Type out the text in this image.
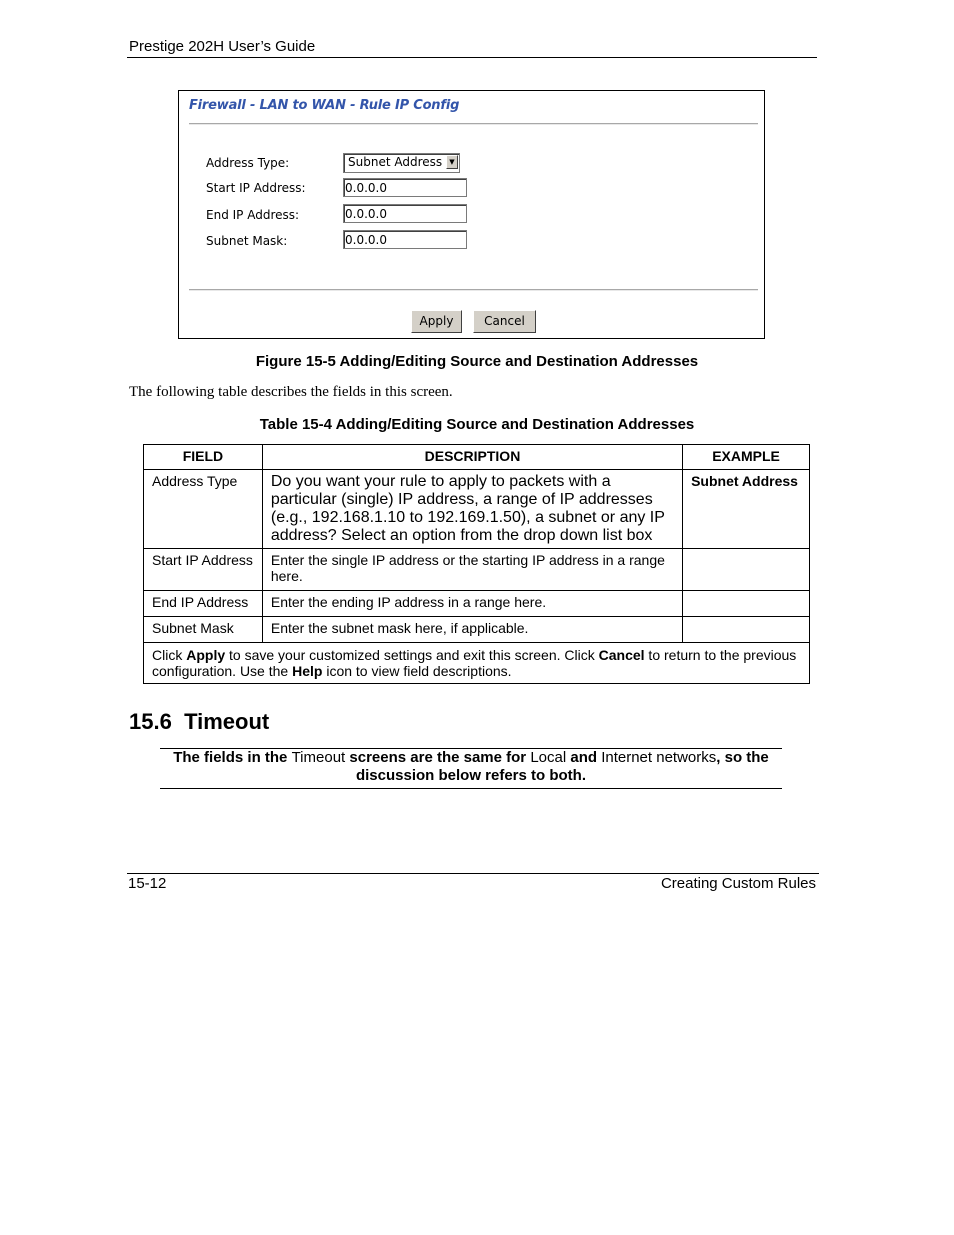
Prestige 202H User’s Guide
Firewall - LAN to WAN - Rule IP Config
Address Type:	Subnet Address	▼
Start IP Address:	0.0.0.0
End IP Address:	0.0.0.0
Subnet Mask:	0.0.0.0
Apply	Cancel
Figure 15-5 Adding/Editing Source and Destination Addresses
The following table describes the fields in this screen.
Table 15-4 Adding/Editing Source and Destination Addresses
FIELD	DESCRIPTION	EXAMPLE
Address Type	Do you want your rule to apply to packets with a particular (single) IP address, a range of IP addresses (e.g., 192.168.1.10 to 192.169.1.50), a subnet or any IP address? Select an option from the drop down list box	Subnet Address
Start IP Address	Enter the single IP address or the starting IP address in a range here.	
End IP Address	Enter the ending IP address in a range here.	
Subnet Mask	Enter the subnet mask here, if applicable.	
Click Apply to save your customized settings and exit this screen. Click Cancel to return to the previous configuration. Use the Help icon to view field descriptions.		
15.6 Timeout
The fields in the Timeout screens are the same for Local and Internet networks, so the discussion below refers to both.
15-12	Creating Custom Rules
